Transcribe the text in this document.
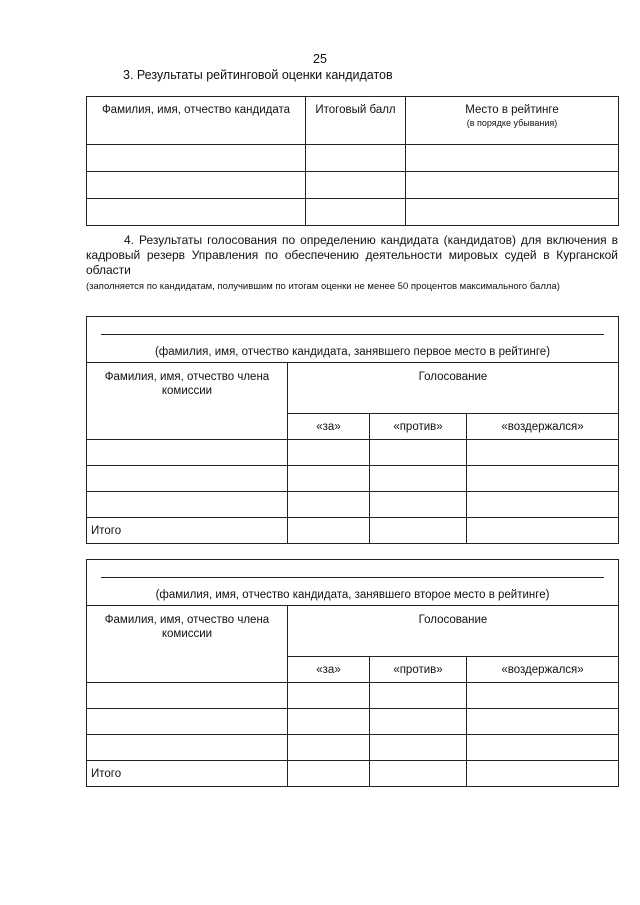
25
3. Результаты рейтинговой оценки кандидатов
Фамилия, имя, отчество кандидата	Итоговый балл	Место в рейтинге
(в порядке убывания)

4. Результаты голосования по определению кандидата (кандидатов) для включения в кадровый резерв Управления по обеспечению деятельности мировых судей в Курганской области
(заполняется по кандидатам, получившим по итогам оценки не менее 50 процентов максимального балла)
(фамилия, имя, отчество кандидата, занявшего первое место в рейтинге)			
Фамилия, имя, отчество члена комиссии	Голосование		
	«за»	«против»	«воздержался»

Итого			
(фамилия, имя, отчество кандидата, занявшего второе место в рейтинге)			
Фамилия, имя, отчество члена комиссии	Голосование		
	«за»	«против»	«воздержался»

Итого			
